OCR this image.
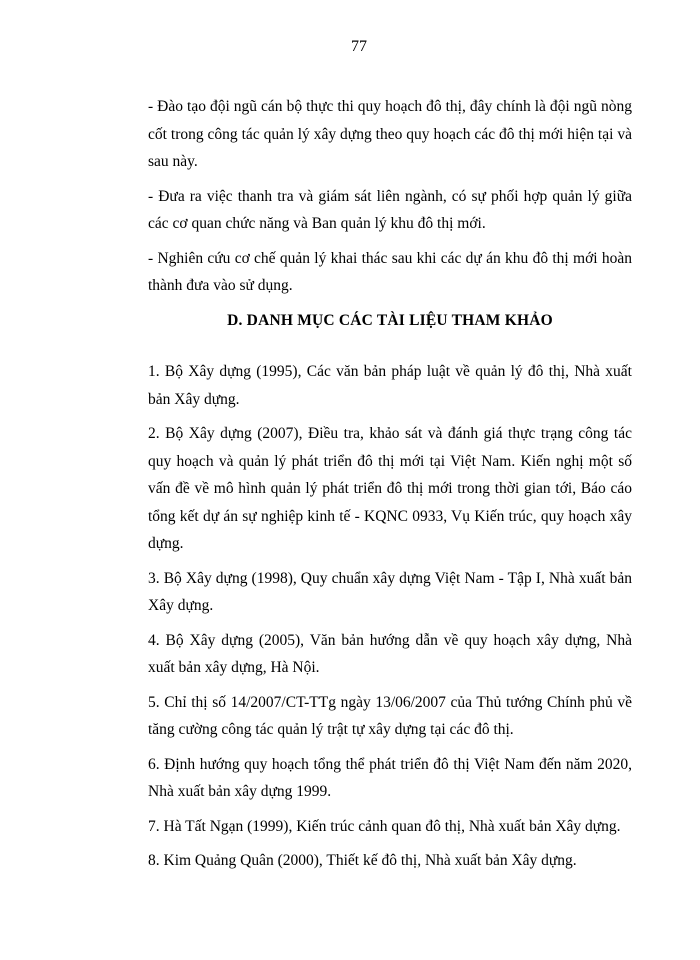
77

- Đào tạo đội ngũ cán bộ thực thi quy hoạch đô thị, đây chính là đội ngũ nòng cốt trong công tác quản lý xây dựng theo quy hoạch các đô thị mới hiện tại và sau này.

- Đưa ra việc thanh tra và giám sát liên ngành, có sự phối hợp quản lý giữa các cơ quan chức năng và Ban quản lý khu đô thị mới.

- Nghiên cứu cơ chế quản lý khai thác sau khi các dự án khu đô thị mới hoàn thành đưa vào sử dụng.

D. DANH MỤC CÁC TÀI LIỆU THAM KHẢO

1. Bộ Xây dựng (1995), Các văn bản pháp luật về quản lý đô thị, Nhà xuất bản Xây dựng.

2. Bộ Xây dựng (2007), Điều tra, khảo sát và đánh giá thực trạng công tác quy hoạch và quản lý phát triển đô thị mới tại Việt Nam. Kiến nghị một số vấn đề về mô hình quản lý phát triển đô thị mới trong thời gian tới, Báo cáo tổng kết dự án sự nghiệp kinh tế - KQNC 0933, Vụ Kiến trúc, quy hoạch xây dựng.

3. Bộ Xây dựng (1998), Quy chuẩn xây dựng Việt Nam - Tập I, Nhà xuất bản Xây dựng.

4. Bộ Xây dựng (2005), Văn bản hướng dẫn về quy hoạch xây dựng, Nhà xuất bản xây dựng, Hà Nội.

5. Chỉ thị số 14/2007/CT-TTg ngày 13/06/2007 của Thủ tướng Chính phủ về tăng cường công tác quản lý trật tự xây dựng tại các đô thị.

6. Định hướng quy hoạch tổng thể phát triển đô thị Việt Nam đến năm 2020, Nhà xuất bản xây dựng 1999.

7. Hà Tất Ngạn (1999), Kiến trúc cảnh quan đô thị, Nhà xuất bản Xây dựng.

8. Kim Quảng Quân (2000), Thiết kế đô thị, Nhà xuất bản Xây dựng.
